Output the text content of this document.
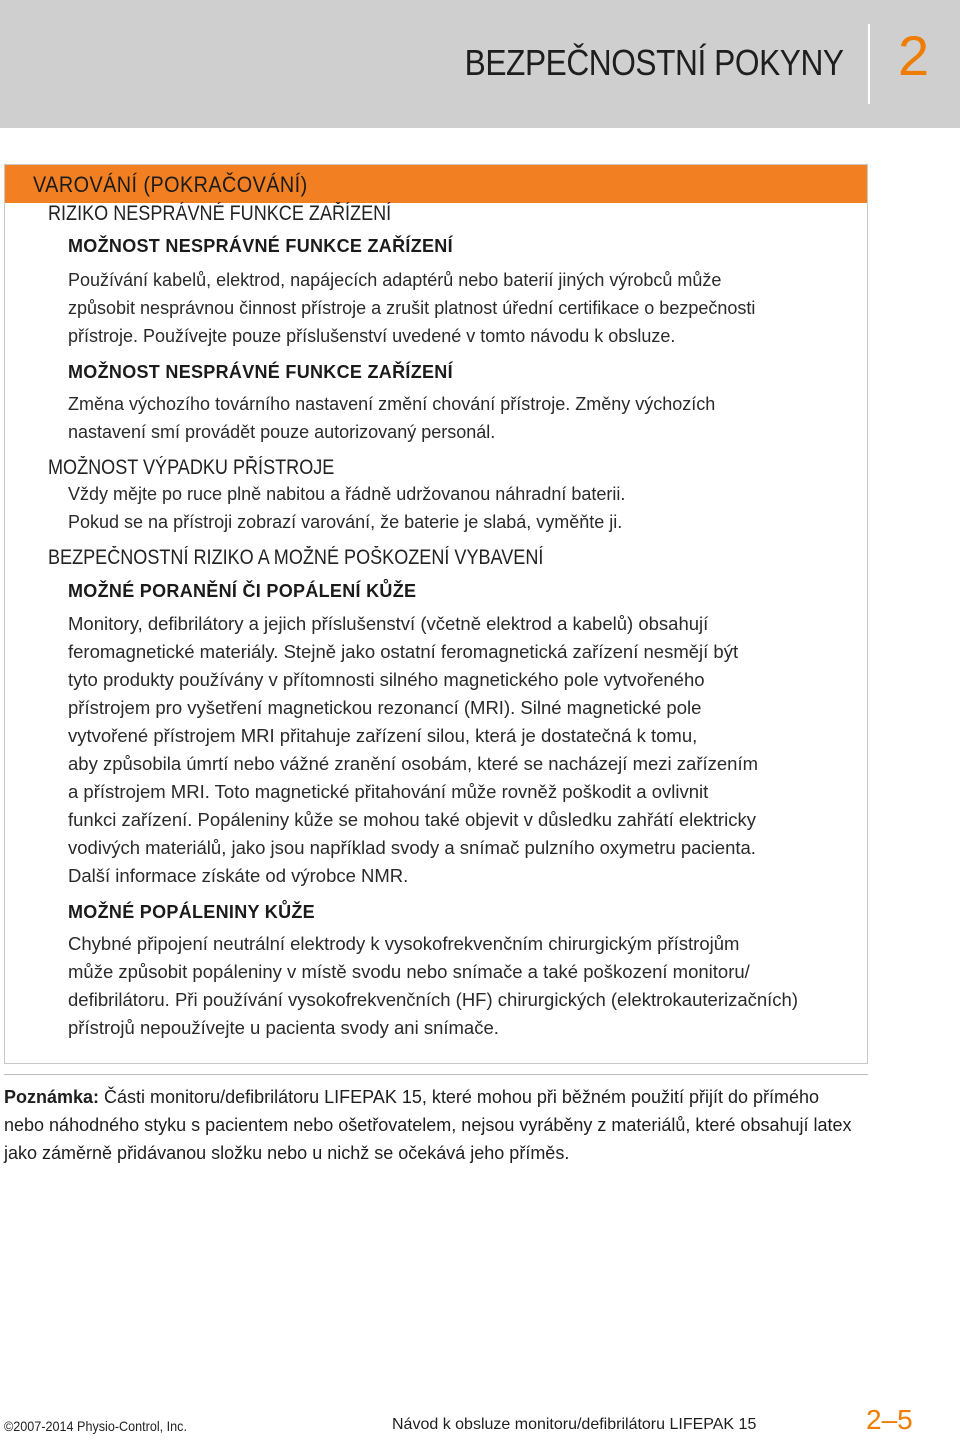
BEZPEČNOSTNÍ POKYNY 2
VAROVÁNÍ (POKRAČOVÁNÍ)
RIZIKO NESPRÁVNÉ FUNKCE ZAŘÍZENÍ
MOŽNOST NESPRÁVNÉ FUNKCE ZAŘÍZENÍ
Používání kabelů, elektrod, napájecích adaptérů nebo baterií jiných výrobců může
způsobit nesprávnou činnost přístroje a zrušit platnost úřední certifikace o bezpečnosti
přístroje. Používejte pouze příslušenství uvedené v tomto návodu k obsluze.
MOŽNOST NESPRÁVNÉ FUNKCE ZAŘÍZENÍ
Změna výchozího továrního nastavení změní chování přístroje. Změny výchozích
nastavení smí provádět pouze autorizovaný personál.
MOŽNOST VÝPADKU PŘÍSTROJE
Vždy mějte po ruce plně nabitou a řádně udržovanou náhradní baterii.
Pokud se na přístroji zobrazí varování, že baterie je slabá, vyměňte ji.
BEZPEČNOSTNÍ RIZIKO A MOŽNÉ POŠKOZENÍ VYBAVENÍ
MOŽNÉ PORANĚNÍ ČI POPÁLENÍ KŮŽE
Monitory, defibrilátory a jejich příslušenství (včetně elektrod a kabelů) obsahují
feromagnetické materiály. Stejně jako ostatní feromagnetická zařízení nesmějí být
tyto produkty používány v přítomnosti silného magnetického pole vytvořeného
přístrojem pro vyšetření magnetickou rezonancí (MRI). Silné magnetické pole
vytvořené přístrojem MRI přitahuje zařízení silou, která je dostatečná k tomu,
aby způsobila úmrtí nebo vážné zranění osobám, které se nacházejí mezi zařízením
a přístrojem MRI. Toto magnetické přitahování může rovněž poškodit a ovlivnit
funkci zařízení. Popáleniny kůže se mohou také objevit v důsledku zahřátí elektricky
vodivých materiálů, jako jsou například svody a snímač pulzního oxymetru pacienta.
Další informace získáte od výrobce NMR.
MOŽNÉ POPÁLENINY KŮŽE
Chybné připojení neutrální elektrody k vysokofrekvenčním chirurgickým přístrojům
může způsobit popáleniny v místě svodu nebo snímače a také poškození monitoru/
defibrilátoru. Při používání vysokofrekvenčních (HF) chirurgických (elektrokauterizačních)
přístrojů nepoužívejte u pacienta svody ani snímače.
Poznámka: Části monitoru/defibrilátoru LIFEPAK 15, které mohou při běžném použití přijít do přímého nebo náhodného styku s pacientem nebo ošetřovatelem, nejsou vyráběny z materiálů, které obsahují latex jako záměrně přidávanou složku nebo u nichž se očekává jeho příměs.
©2007-2014 Physio-Control, Inc.	Návod k obsluze monitoru/defibrilátoru LIFEPAK 15	2–5
